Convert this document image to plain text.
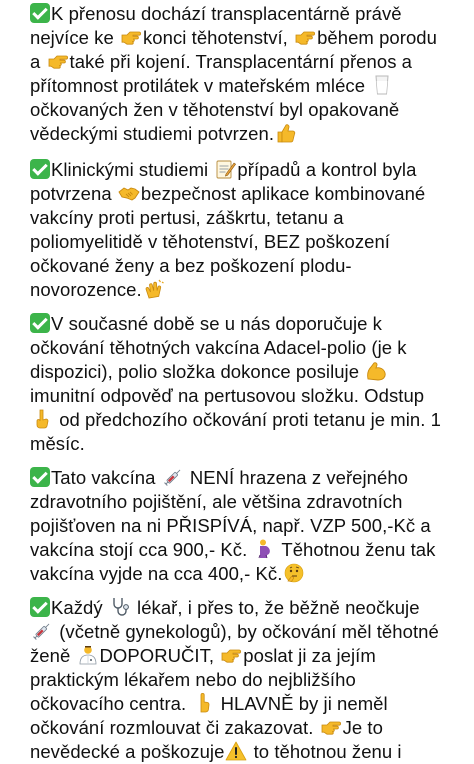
K přenosu dochází transplacentárně právě
nejvíce ke
konci těhotenství,
během porodu
a
také při kojení. Transplacentární přenos a
přítomnost protilátek v mateřském mléce
očkovaných žen v těhotenství byl opakovaně
vědeckými studiemi potvrzen.
Klinickými studiemi
případů a kontrol byla
potvrzena
bezpečnost aplikace kombinované
vakcíny proti pertusi, záškrtu, tetanu a
poliomyelitidě v těhotenství, BEZ poškození
očkované ženy a bez poškození plodu-
novorozence.
V současné době se u nás doporučuje k
očkování těhotných vakcína Adacel-polio (je k
dispozici), polio složka dokonce posiluje
imunitní odpověď na pertusovou složku. Odstup
od předchozího očkování proti tetanu je min. 1
měsíc.
Tato vakcína
NENÍ hrazena z veřejného
zdravotního pojištění, ale většina zdravotních
pojišťoven na ni PŘISPÍVÁ, např. VZP 500,-Kč a
vakcína stojí cca 900,- Kč.
Těhotnou ženu tak
vakcína vyjde na cca 400,- Kč.
Každý
lékař, i přes to, že běžně neočkuje
(včetně gynekologů), by očkování měl těhotné
ženě
DOPORUČIT,
poslat ji za jejím
praktickým lékařem nebo do nejbližšího
očkovacího centra.
HLAVNĚ by ji neměl
očkování rozmlouvat či zakazovat.
Je to
nevědecké a poškozuje
to těhotnou ženu i
